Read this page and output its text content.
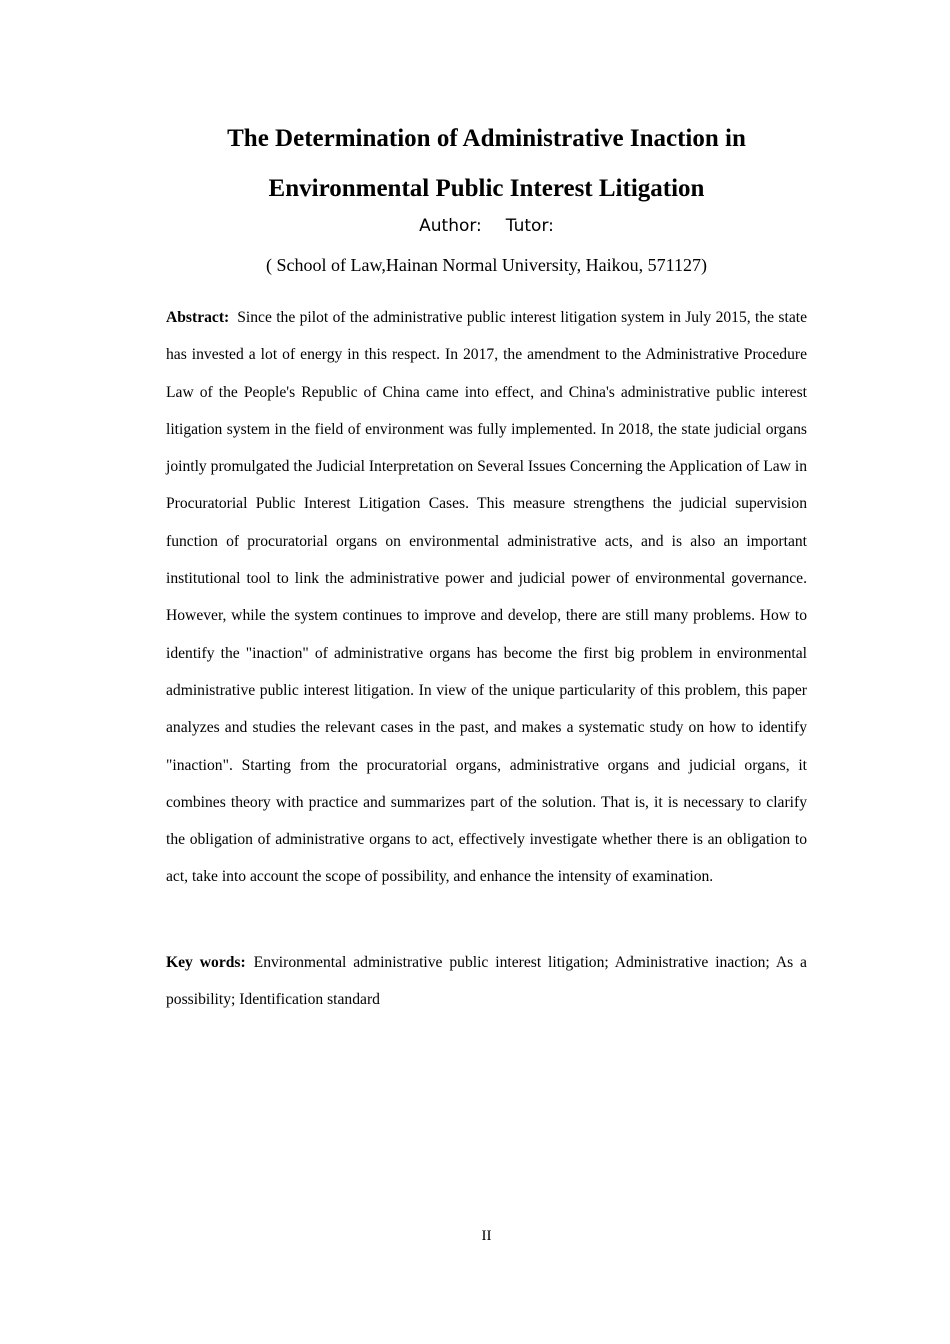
The Determination of Administrative Inaction in
Environmental Public Interest Litigation
Author: Tutor:
( School of Law,Hainan Normal University, Haikou, 571127)

Abstract: Since the pilot of the administrative public interest litigation system in July 2015, the state has invested a lot of energy in this respect. In 2017, the amendment to the Administrative Procedure Law of the People's Republic of China came into effect, and China's administrative public interest litigation system in the field of environment was fully implemented. In 2018, the state judicial organs jointly promulgated the Judicial Interpretation on Several Issues Concerning the Application of Law in Procuratorial Public Interest Litigation Cases. This measure strengthens the judicial supervision function of procuratorial organs on environmental administrative acts, and is also an important institutional tool to link the administrative power and judicial power of environmental governance. However, while the system continues to improve and develop, there are still many problems. How to identify the "inaction" of administrative organs has become the first big problem in environmental administrative public interest litigation. In view of the unique particularity of this problem, this paper analyzes and studies the relevant cases in the past, and makes a systematic study on how to identify "inaction". Starting from the procuratorial organs, administrative organs and judicial organs, it combines theory with practice and summarizes part of the solution. That is, it is necessary to clarify the obligation of administrative organs to act, effectively investigate whether there is an obligation to act, take into account the scope of possibility, and enhance the intensity of examination.

Key words: Environmental administrative public interest litigation; Administrative inaction; As a possibility; Identification standard

II
